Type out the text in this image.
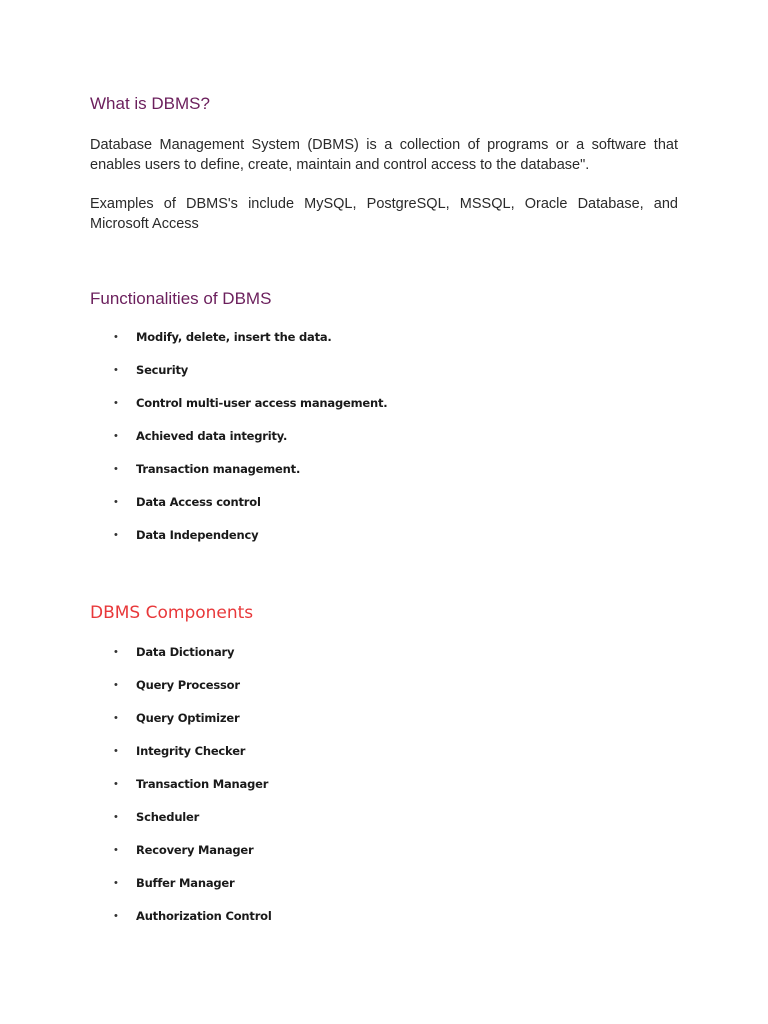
What is DBMS?

Database Management System (DBMS) is a collection of programs or a software that enables users to define, create, maintain and control access to the database".

Examples of DBMS's include MySQL, PostgreSQL, MSSQL, Oracle Database, and Microsoft Access

Functionalities of DBMS
• Modify, delete, insert the data.
• Security
• Control multi-user access management.
• Achieved data integrity.
• Transaction management.
• Data Access control
• Data Independency
DBMS Components
• Data Dictionary
• Query Processor
• Query Optimizer
• Integrity Checker
• Transaction Manager
• Scheduler
• Recovery Manager
• Buffer Manager
• Authorization Control
